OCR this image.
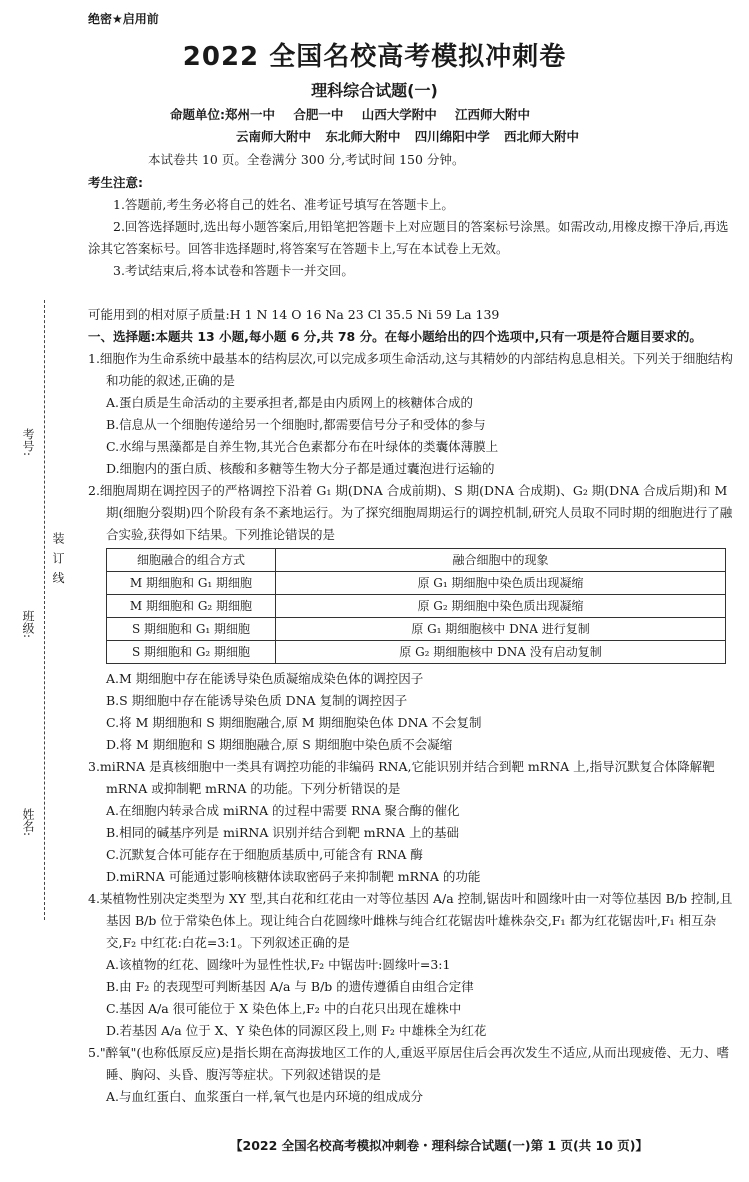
装 订 线
考号:
班级:
姓名:
绝密★启用前
2022 全国名校高考模拟冲刺卷
理科综合试题(一)
命题单位:郑州一中 合肥一中 山西大学附中 江西师大附中
云南师大附中 东北师大附中 四川绵阳中学 西北师大附中
本试卷共 10 页。全卷满分 300 分,考试时间 150 分钟。

考生注意:

1.答题前,考生务必将自己的姓名、准考证号填写在答题卡上。

2.回答选择题时,选出每小题答案后,用铅笔把答题卡上对应题目的答案标号涂黑。如需改动,用橡皮擦干净后,再选涂其它答案标号。回答非选择题时,将答案写在答题卡上,写在本试卷上无效。

3.考试结束后,将本试卷和答题卡一并交回。

可能用到的相对原子质量:H 1 N 14 O 16 Na 23 Cl 35.5 Ni 59 La 139

一、选择题:本题共 13 小题,每小题 6 分,共 78 分。在每小题给出的四个选项中,只有一项是符合题目要求的。

1.细胞作为生命系统中最基本的结构层次,可以完成多项生命活动,这与其精妙的内部结构息息相关。下列关于细胞结构和功能的叙述,正确的是

A.蛋白质是生命活动的主要承担者,都是由内质网上的核糖体合成的

B.信息从一个细胞传递给另一个细胞时,都需要信号分子和受体的参与

C.水绵与黑藻都是自养生物,其光合色素都分布在叶绿体的类囊体薄膜上

D.细胞内的蛋白质、核酸和多糖等生物大分子都是通过囊泡进行运输的

2.细胞周期在调控因子的严格调控下沿着 G₁ 期(DNA 合成前期)、S 期(DNA 合成期)、G₂ 期(DNA 合成后期)和 M 期(细胞分裂期)四个阶段有条不紊地运行。为了探究细胞周期运行的调控机制,研究人员取不同时期的细胞进行了融合实验,获得如下结果。下列推论错误的是

细胞融合的组合方式	融合细胞中的现象
M 期细胞和 G₁ 期细胞	原 G₁ 期细胞中染色质出现凝缩
M 期细胞和 G₂ 期细胞	原 G₂ 期细胞中染色质出现凝缩
S 期细胞和 G₁ 期细胞	原 G₁ 期细胞核中 DNA 进行复制
S 期细胞和 G₂ 期细胞	原 G₂ 期细胞核中 DNA 没有启动复制

A.M 期细胞中存在能诱导染色质凝缩成染色体的调控因子

B.S 期细胞中存在能诱导染色质 DNA 复制的调控因子

C.将 M 期细胞和 S 期细胞融合,原 M 期细胞染色体 DNA 不会复制

D.将 M 期细胞和 S 期细胞融合,原 S 期细胞中染色质不会凝缩

3.miRNA 是真核细胞中一类具有调控功能的非编码 RNA,它能识别并结合到靶 mRNA 上,指导沉默复合体降解靶 mRNA 或抑制靶 mRNA 的功能。下列分析错误的是

A.在细胞内转录合成 miRNA 的过程中需要 RNA 聚合酶的催化

B.相同的碱基序列是 miRNA 识别并结合到靶 mRNA 上的基础

C.沉默复合体可能存在于细胞质基质中,可能含有 RNA 酶

D.miRNA 可能通过影响核糖体读取密码子来抑制靶 mRNA 的功能

4.某植物性别决定类型为 XY 型,其白花和红花由一对等位基因 A/a 控制,锯齿叶和圆缘叶由一对等位基因 B/b 控制,且基因 B/b 位于常染色体上。现让纯合白花圆缘叶雌株与纯合红花锯齿叶雄株杂交,F₁ 都为红花锯齿叶,F₁ 相互杂交,F₂ 中红花:白花=3:1。下列叙述正确的是

A.该植物的红花、圆缘叶为显性性状,F₂ 中锯齿叶:圆缘叶=3:1

B.由 F₂ 的表现型可判断基因 A/a 与 B/b 的遗传遵循自由组合定律

C.基因 A/a 很可能位于 X 染色体上,F₂ 中的白花只出现在雄株中

D.若基因 A/a 位于 X、Y 染色体的同源区段上,则 F₂ 中雄株全为红花

5."醉氧"(也称低原反应)是指长期在高海拔地区工作的人,重返平原居住后会再次发生不适应,从而出现疲倦、无力、嗜睡、胸闷、头昏、腹泻等症状。下列叙述错误的是

A.与血红蛋白、血浆蛋白一样,氧气也是内环境的组成成分

【2022 全国名校高考模拟冲刺卷・理科综合试题(一)第 1 页(共 10 页)】
